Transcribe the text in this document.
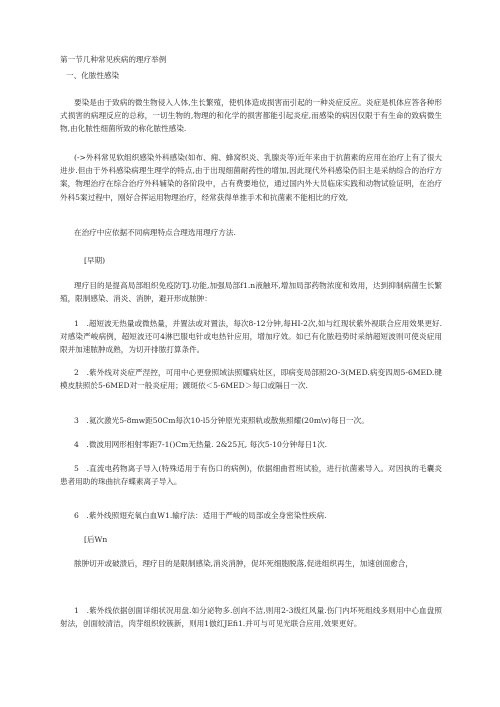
第一节几种常见疾病的理疗举例
一、化脓性感染

要染是由于致病的微生物侵入人体,生长繁殖，使机体造成损害而引起的一种炎症反应。炎症是机体应答各种形式损害的病理反应的总称，一切生物的,物理的和化学的损害都能引起炎症,而感染的病因仅限于有生命的致病微生物,由化脓性细菌所致的称化脓性感染.

(->外科常见软组织感染外科感染(如布、痈、蜂窝织炎、乳腺炎等)近年来由于抗菌素的应用在治疗上有了很大进步.但由于外科感染病理生理学的特点,由于出现细菌耐药性的增加,因此现代外科感染仍旧主是采纳综合的治疗方案，物理治疗在综合治疗外科辅染的各阶段中，占有费要地位，通过国内外大员临床实践和动物试验证明，在治疗外科5案过程中，刚好合挥运用物理治疗，经常获得单推手术和抗菌素不能相比的疗效,

在治疗中应依据不同病理特点合理选用理疗方法.
[早期)

理疗目的是提高局部组织免疫防TJ.功能,加强局部f1.n液触环,增加局部药物浓度和效用，达到抑制病菌生长繁殖，限制感染、消炎、消肿，避开形成脓肿：

1　.超短波无热量或微热量，并置法或对置法，每次8-12分钟,每HI-2次,如与红现状紫外视联合应用效果更好.对感染严峻病例，超短波还可4淋巴服电针或电热针应用，增加疗效。如已有化脓趋势时采纳超短波则可使炎症用限并加速脓肿成熟，为切开排脓打算条件。

2　.紫外线对炎症严涅控，可用中心更登照域法照耀病灶区，即病变局部照2O-3(MED.病变四周5-6MED.键模皮肤照於5-6MED对一般炎症用；踱斑依＜5-6MED＞每口或隔日一次.

3　.氦次激光5-8mw距50Cm每次10-l5分钟原光束照轨或散焦照耀(20m\v)每日一次。
4　.微波用网形相射零距7-1()Cm无热量. 2&25瓦, 每次5-10分钟每日1次.

5　.直流电药物离子导入(特殊适用于有伤口的病例)，依据细曲哲班试验，进行抗菌素导入。对因执的毛囊炎患者用助的珠曲抗存蝶素离子导入。

6　.紫外线照翅充氧白血W1.输疗法：适用于严峻的局部或全身密染性疾病.
[后Wn

脓肿切开或破溃后，理疗目的是限制感染,消炎消肿，促坏死细胞脱落,促进组织再生，加速创面愈合，

1　.紫外线依据创面详细状况用盘.如分泌物多.创向不洁,则用2-3级红风量.伤门内坏死组线多则用中心血盘照射法，创面较清洁，肉芽组织较簇新，则用1倣红JEfi1.并可与可见光联合应用,效果更好。
